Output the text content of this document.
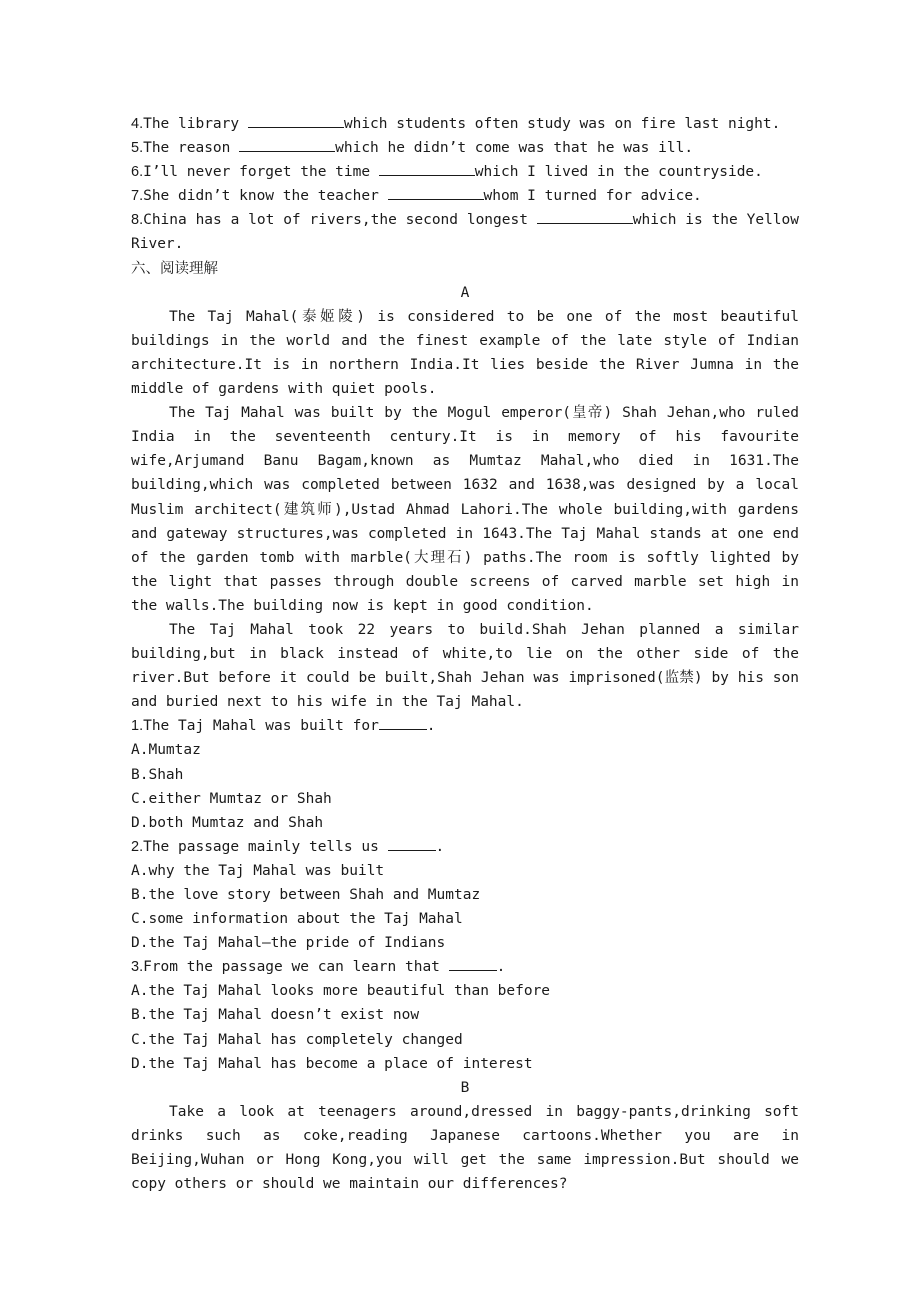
4.The library	which students often study was on fire last night.
5.The reason	which he didn’t come was that he was ill.
6.I’ll never forget the time	which I lived in the countryside.
7.She didn’t know the teacher	whom I turned for advice.
8.China has a lot of rivers,the second longest	which is the Yellow River.
六、阅读理解
A
The Taj Mahal(泰姬陵) is considered to be one of the most beautiful buildings in the world and the finest example of the late style of Indian architecture.It is in northern India.It lies beside the River Jumna in the middle of gardens with quiet pools.
The Taj Mahal was built by the Mogul emperor(皇帝) Shah Jehan,who ruled India in the seventeenth century.It is in memory of his favourite wife,Arjumand Banu Bagam,known as Mumtaz Mahal,who died in 1631.The building,which was completed between 1632 and 1638,was designed by a local Muslim architect(建筑师),Ustad Ahmad Lahori.The whole building,with gardens and gateway structures,was completed in 1643.The Taj Mahal stands at one end of the garden tomb with marble(大理石) paths.The room is softly lighted by the light that passes through double screens of carved marble set high in the walls.The building now is kept in good condition.
The Taj Mahal took 22 years to build.Shah Jehan planned a similar building,but in black instead of white,to lie on the other side of the river.But before it could be built,Shah Jehan was imprisoned(监禁) by his son and buried next to his wife in the Taj Mahal.
1.The Taj Mahal was built for	.
A.Mumtaz
B.Shah
C.either Mumtaz or Shah
D.both Mumtaz and Shah
2.The passage mainly tells us	.
A.why the Taj Mahal was built
B.the love story between Shah and Mumtaz
C.some information about the Taj Mahal
D.the Taj Mahal—the pride of Indians
3.From the passage we can learn that	.
A.the Taj Mahal looks more beautiful than before
B.the Taj Mahal doesn’t exist now
C.the Taj Mahal has completely changed
D.the Taj Mahal has become a place of interest
B
Take a look at teenagers around,dressed in baggy-pants,drinking soft drinks such as coke,reading Japanese cartoons.Whether you are in Beijing,Wuhan or Hong Kong,you will get the same impression.But should we copy others or should we maintain our differences?
